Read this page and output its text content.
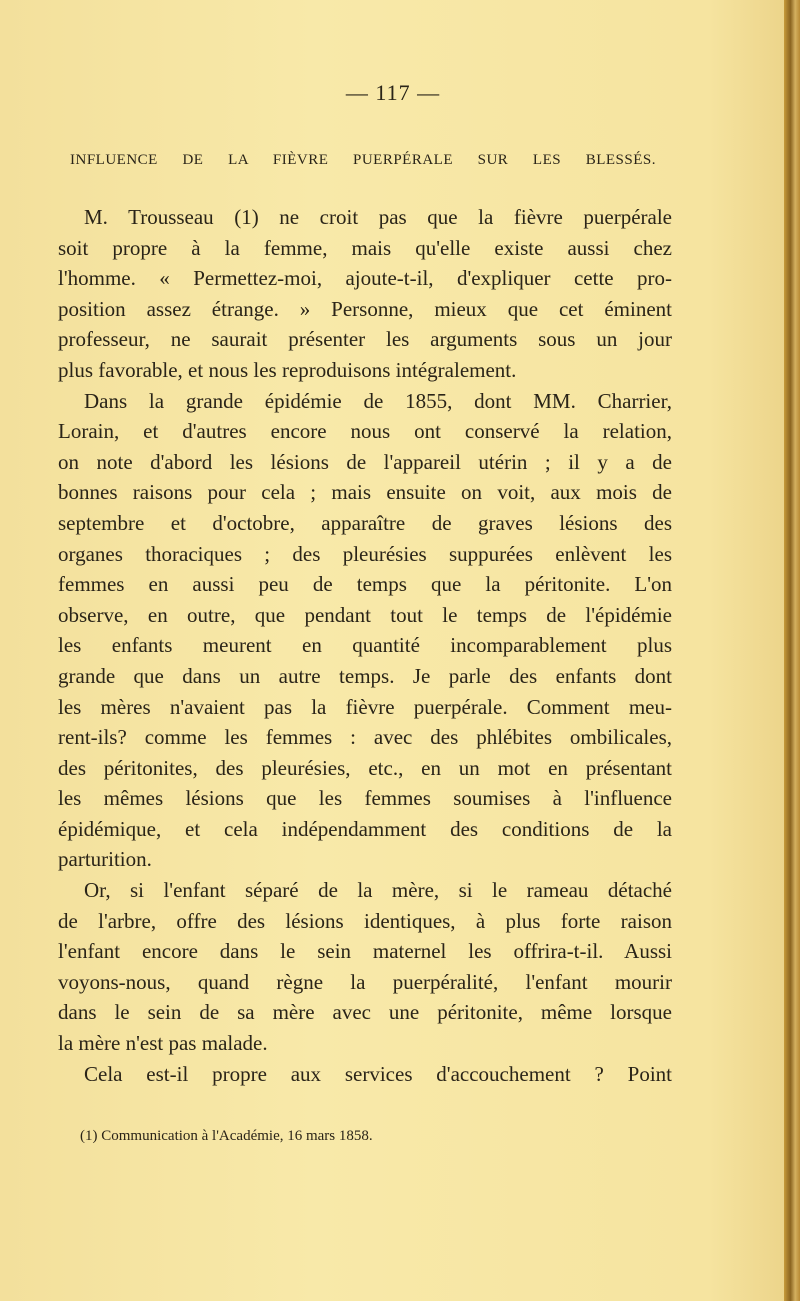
— 117 —
INFLUENCE DE LA FIÈVRE PUERPÉRALE SUR LES BLESSÉS.
M. Trousseau (1) ne croit pas que la fièvre puerpérale
soit propre à la femme, mais qu'elle existe aussi chez
l'homme. « Permettez-moi, ajoute-t-il, d'expliquer cette pro-
position assez étrange. » Personne, mieux que cet éminent
professeur, ne saurait présenter les arguments sous un jour
plus favorable, et nous les reproduisons intégralement.
Dans la grande épidémie de 1855, dont MM. Charrier,
Lorain, et d'autres encore nous ont conservé la relation,
on note d'abord les lésions de l'appareil utérin ; il y a de
bonnes raisons pour cela ; mais ensuite on voit, aux mois de
septembre et d'octobre, apparaître de graves lésions des
organes thoraciques ; des pleurésies suppurées enlèvent les
femmes en aussi peu de temps que la péritonite. L'on
observe, en outre, que pendant tout le temps de l'épidémie
les enfants meurent en quantité incomparablement plus
grande que dans un autre temps. Je parle des enfants dont
les mères n'avaient pas la fièvre puerpérale. Comment meu-
rent-ils? comme les femmes : avec des phlébites ombilicales,
des péritonites, des pleurésies, etc., en un mot en présentant
les mêmes lésions que les femmes soumises à l'influence
épidémique, et cela indépendamment des conditions de la
parturition.
Or, si l'enfant séparé de la mère, si le rameau détaché
de l'arbre, offre des lésions identiques, à plus forte raison
l'enfant encore dans le sein maternel les offrira-t-il. Aussi
voyons-nous, quand règne la puerpéralité, l'enfant mourir
dans le sein de sa mère avec une péritonite, même lorsque
la mère n'est pas malade.
Cela est-il propre aux services d'accouchement ? Point
(1) Communication à l'Académie, 16 mars 1858.
